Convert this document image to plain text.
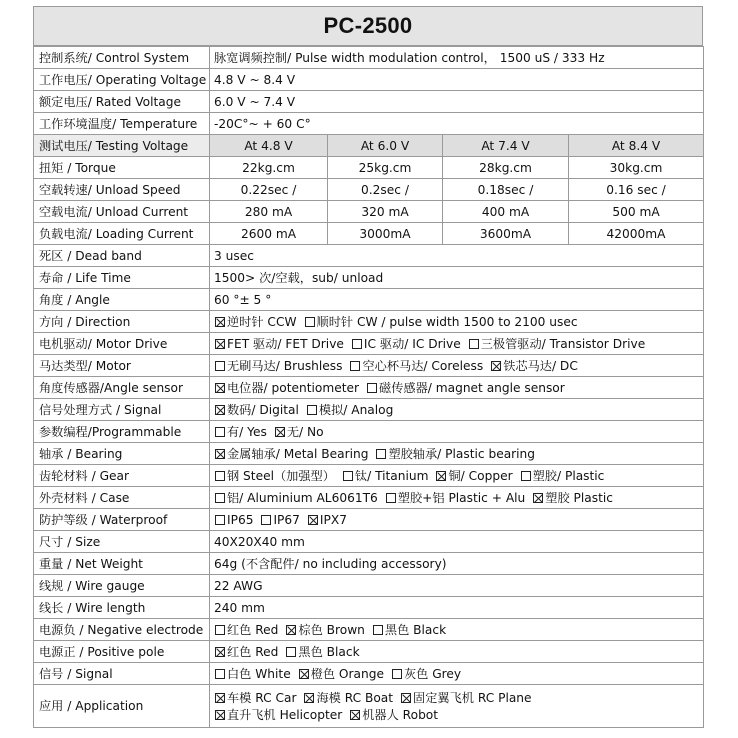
PC-2500
控制系统/ Control System	脉宽调频控制/ Pulse width modulation control， 1500 uS / 333 Hz			
工作电压/ Operating Voltage	4.8 V ~ 8.4 V			
额定电压/ Rated Voltage	6.0 V ~ 7.4 V			
工作环境温度/ Temperature	-20C°~ + 60 C°			
测试电压/ Testing Voltage	At 4.8 V	At 6.0 V	At 7.4 V	At 8.4 V
扭矩 / Torque	22kg.cm	25kg.cm	28kg.cm	30kg.cm
空载转速/ Unload Speed	0.22sec /	0.2sec /	0.18sec /	0.16 sec /
空载电流/ Unload Current	280 mA	320 mA	400 mA	500 mA
负载电流/ Loading Current	2600 mA	3000mA	3600mA	42000mA
死区 / Dead band	3 usec			
寿命 / Life Time	1500> 次/空载，sub/ unload			
角度 / Angle	60 °± 5 °			
方向 / Direction	逆时针 CCW 顺时针 CW / pulse width 1500 to 2100 usec			
电机驱动/ Motor Drive	FET 驱动/ FET Drive IC 驱动/ IC Drive 三极管驱动/ Transistor Drive			
马达类型/ Motor	无刷马达/ Brushless 空心杯马达/ Coreless 铁芯马达/ DC			
角度传感器/Angle sensor	电位器/ potentiometer 磁传感器/ magnet angle sensor			
信号处理方式 / Signal	数码/ Digital 模拟/ Analog			
参数编程/Programmable	有/ Yes 无/ No			
轴承 / Bearing	金属轴承/ Metal Bearing 塑胶轴承/ Plastic bearing			
齿轮材料 / Gear	钢 Steel（加强型） 钛/ Titanium 铜/ Copper 塑胶/ Plastic			
外壳材料 / Case	铝/ Aluminium AL6061T6 塑胶+铝 Plastic + Alu 塑胶 Plastic			
防护等级 / Waterproof	IP65 IP67 IPX7			
尺寸 / Size	40X20X40 mm			
重量 / Net Weight	64g (不含配件/ no including accessory)			
线规 / Wire gauge	22 AWG			
线长 / Wire length	240 mm			
电源负 / Negative electrode	红色 Red 棕色 Brown 黑色 Black			
电源正 / Positive pole	红色 Red 黑色 Black			
信号 / Signal	白色 White 橙色 Orange 灰色 Grey			
应用 / Application	车模 RC Car 海模 RC Boat 固定翼飞机 RC Plane
直升飞机 Helicopter 机器人 Robot			
